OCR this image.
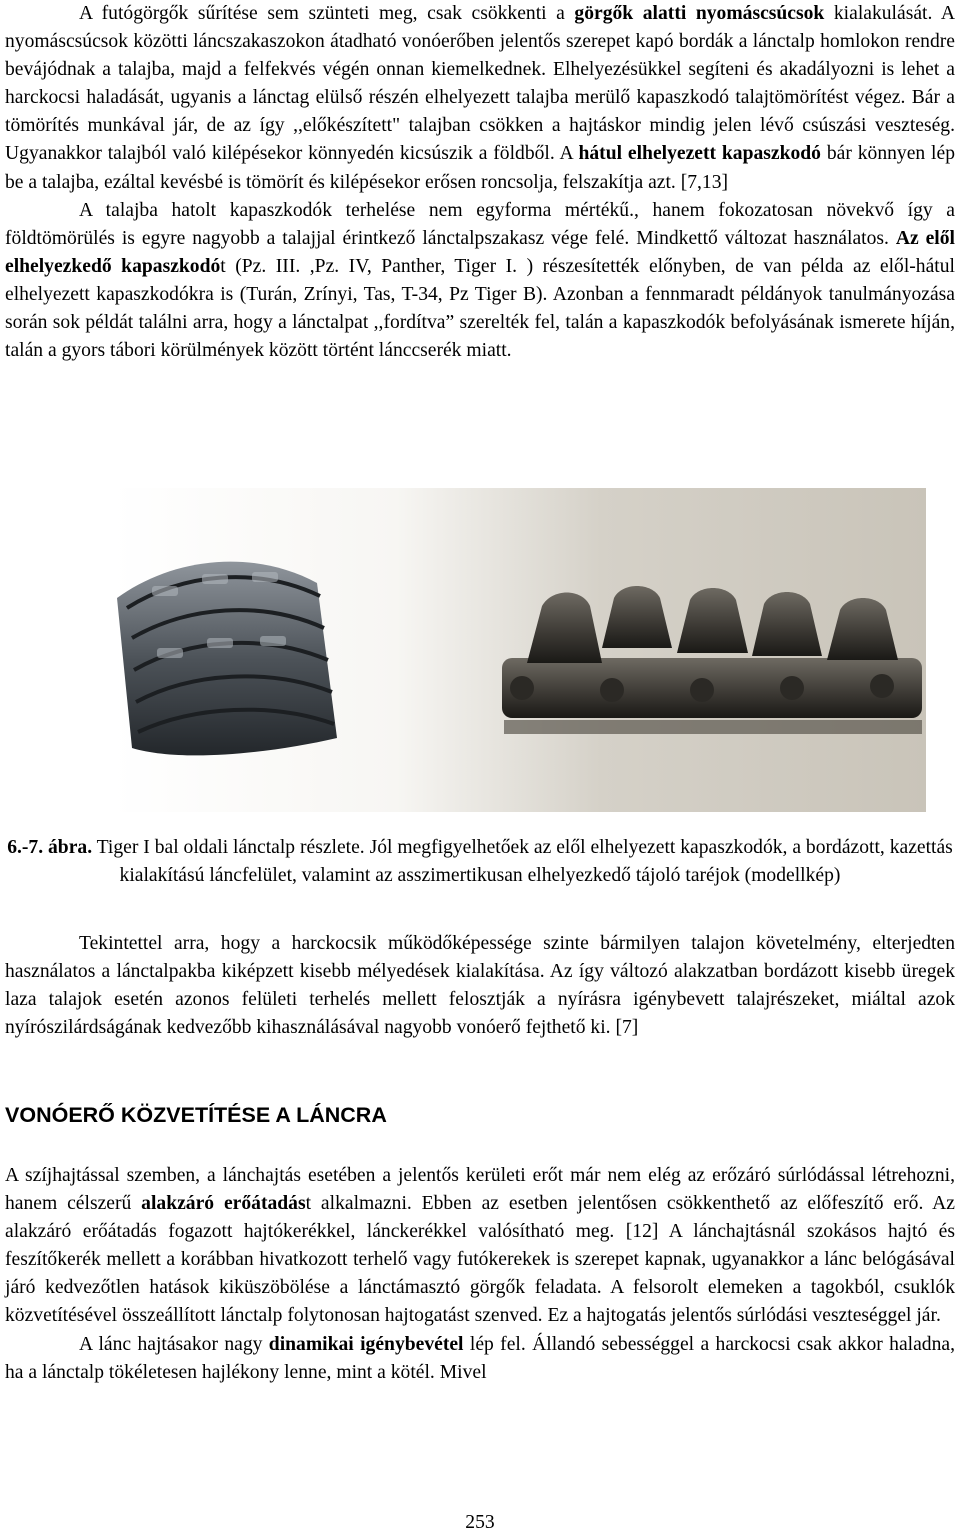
A futógörgők sűrítése sem szünteti meg, csak csökkenti a görgők alatti nyomáscsúcsok kialakulását. A nyomáscsúcsok közötti láncszakaszokon átadható vonóerőben jelentős szerepet kapó bordák a lánctalp homlokon rendre bevájódnak a talajba, majd a felfekvés végén onnan kiemelkednek. Elhelyezésükkel segíteni és akadályozni is lehet a harckocsi haladását, ugyanis a lánctag elülső részén elhelyezett talajba merülő kapaszkodó talajtömörítést végez. Bár a tömörítés munkával jár, de az így ,,előkészített" talajban csökken a hajtáskor mindig jelen lévő csúszási veszteség. Ugyanakkor talajból való kilépésekor könnyedén kicsúszik a földből. A hátul elhelyezett kapaszkodó bár könnyen lép be a talajba, ezáltal kevésbé is tömörít és kilépésekor erősen roncsolja, felszakítja azt. [7,13]
A talajba hatolt kapaszkodók terhelése nem egyforma mértékű., hanem fokozatosan növekvő így a földtömörülés is egyre nagyobb a talajjal érintkező lánctalpszakasz vége felé. Mindkettő változat használatos. Az elől elhelyezkedő kapaszkodót (Pz. III. ,Pz. IV, Panther, Tiger I. ) részesítették előnyben, de van példa az elől-hátul elhelyezett kapaszkodókra is (Turán, Zrínyi, Tas, T-34, Pz Tiger B). Azonban a fennmaradt példányok tanulmányozása során sok példát találni arra, hogy a lánctalpat ,,fordítva” szerelték fel, talán a kapaszkodók befolyásának ismerete híján, talán a gyors tábori körülmények között történt lánccserék miatt.

6.-7. ábra. Tiger I bal oldali lánctalp részlete. Jól megfigyelhetőek az elől elhelyezett kapaszkodók, a bordázott, kazettás kialakítású láncfelület, valamint az asszimertikusan elhelyezkedő tájoló taréjok (modellkép)

Tekintettel arra, hogy a harckocsik működőképessége szinte bármilyen talajon követelmény, elterjedten használatos a lánctalpakba kiképzett kisebb mélyedések kialakítása. Az így változó alakzatban bordázott kisebb üregek laza talajok esetén azonos felületi terhelés mellett felosztják a nyírásra igénybevett talajrészeket, miáltal azok nyírószilárdságának kedvezőbb kihasználásával nagyobb vonóerő fejthető ki. [7]

VONÓERŐ KÖZVETÍTÉSE A LÁNCRA

A szíjhajtással szemben, a lánchajtás esetében a jelentős kerületi erőt már nem elég az erőzáró súrlódással létrehozni, hanem célszerű alakzáró erőátadást alkalmazni. Ebben az esetben jelentősen csökkenthető az előfeszítő erő. Az alakzáró erőátadás fogazott hajtókerékkel, lánckerékkel valósítható meg. [12] A lánchajtásnál szokásos hajtó és feszítőkerék mellett a korábban hivatkozott terhelő vagy futókerekek is szerepet kapnak, ugyanakkor a lánc belógásával járó kedvezőtlen hatások kiküszöbölése a lánctámasztó görgők feladata. A felsorolt elemeken a tagokból, csuklók közvetítésével összeállított lánctalp folytonosan hajtogatást szenved. Ez a hajtogatás jelentős súrlódási veszteséggel jár.
A lánc hajtásakor nagy dinamikai igénybevétel lép fel. Állandó sebességgel a harckocsi csak akkor haladna, ha a lánctalp tökéletesen hajlékony lenne, mint a kötél. Mivel

253
